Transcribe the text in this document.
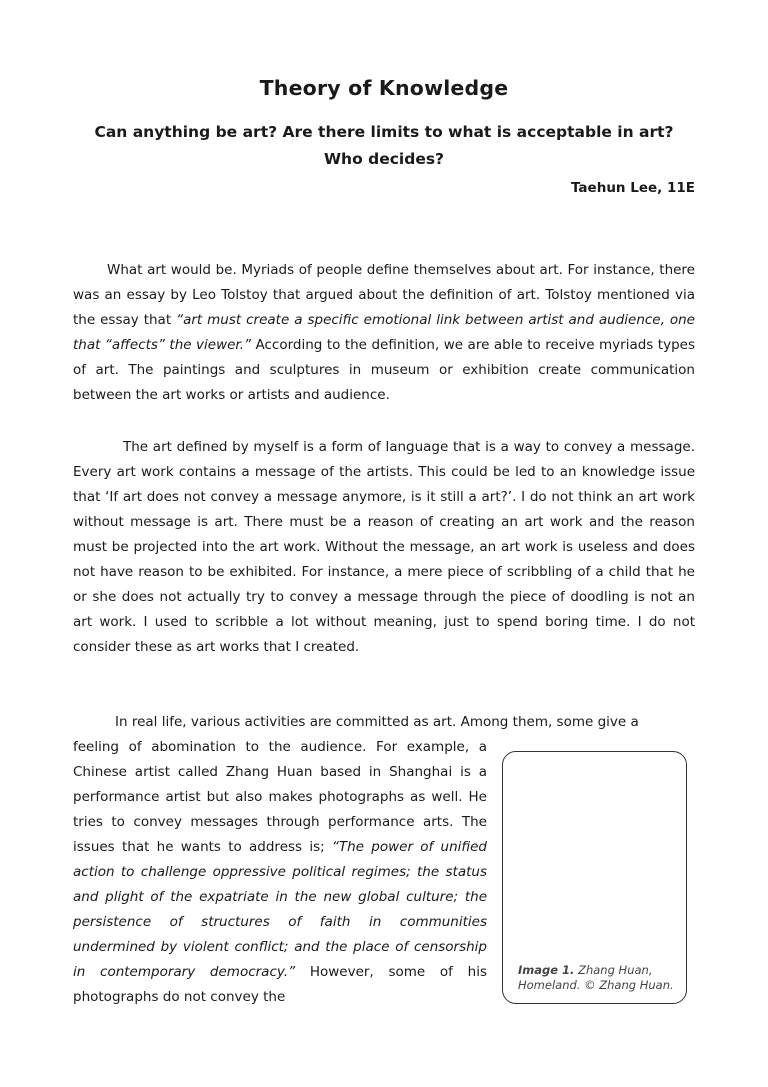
Theory of Knowledge
Can anything be art? Are there limits to what is acceptable in art? Who decides?
Taehun Lee, 11E

What art would be. Myriads of people define themselves about art. For instance, there was an essay by Leo Tolstoy that argued about the definition of art. Tolstoy mentioned via the essay that “art must create a specific emotional link between artist and audience, one that “affects” the viewer.” According to the definition, we are able to receive myriads types of art. The paintings and sculptures in museum or exhibition create communication between the art works or artists and audience.

The art defined by myself is a form of language that is a way to convey a message. Every art work contains a message of the artists. This could be led to an knowledge issue that ‘If art does not convey a message anymore, is it still a art?’. I do not think an art work without message is art. There must be a reason of creating an art work and the reason must be projected into the art work. Without the message, an art work is useless and does not have reason to be exhibited. For instance, a mere piece of scribbling of a child that he or she does not actually try to convey a message through the piece of doodling is not an art work. I used to scribble a lot without meaning, just to spend boring time. I do not consider these as art works that I created.

In real life, various activities are committed as art. Among them, some give a

feeling of abomination to the audience. For example, a Chinese artist called Zhang Huan based in Shanghai is a performance artist but also makes photographs as well. He tries to convey messages through performance arts. The issues that he wants to address is; “The power of unified action to challenge oppressive political regimes; the status and plight of the expatriate in the new global culture; the persistence of structures of faith in communities undermined by violent conflict; and the place of censorship in contemporary democracy.” However, some of his photographs do not convey the

Image 1. Zhang Huan, Homeland. © Zhang Huan.
